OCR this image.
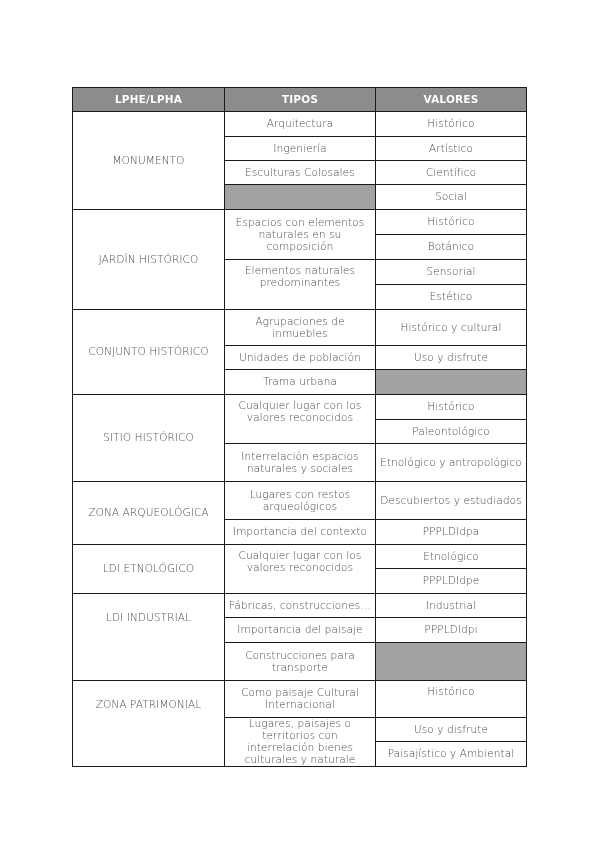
LPHE/LPHA	TIPOS	VALORES
MONUMENTO	Arquitectura	Histórico
	Ingeniería	Artístico
	Esculturas Colosales	Científico
		Social
JARDÍN HISTÓRICO	Espacios con elementos naturales en su composición	Histórico
		Botánico
	Elementos naturales predominantes	Sensorial
		Estético
CONJUNTO HISTÓRICO	Agrupaciones de inmuebles	Histórico y cultural
	Unidades de población	Uso y disfrute
	Trama urbana	
SITIO HISTÓRICO	Cualquier lugar con los valores reconocidos	Histórico
		Paleontológico
	Interrelación espacios naturales y sociales	Etnológico y antropológico
ZONA ARQUEOLÓGICA	Lugares con restos arqueológicos	Descubiertos y estudiados
	Importancia del contexto	PPPLDIdpa
LDI ETNOLÓGICO	Cualquier lugar con los valores reconocidos	Etnológico
		PPPLDIdpe
LDI INDUSTRIAL	Fábricas, construcciones…	Industrial
	Importancia del paisaje	PPPLDIdpi
	Construcciones para transporte	
ZONA PATRIMONIAL	Como paisaje Cultural Internacional	Histórico
	Lugares, paisajes o territorios con interrelación bienes culturales y naturale	Uso y disfrute
		Paisajístico y Ambiental
